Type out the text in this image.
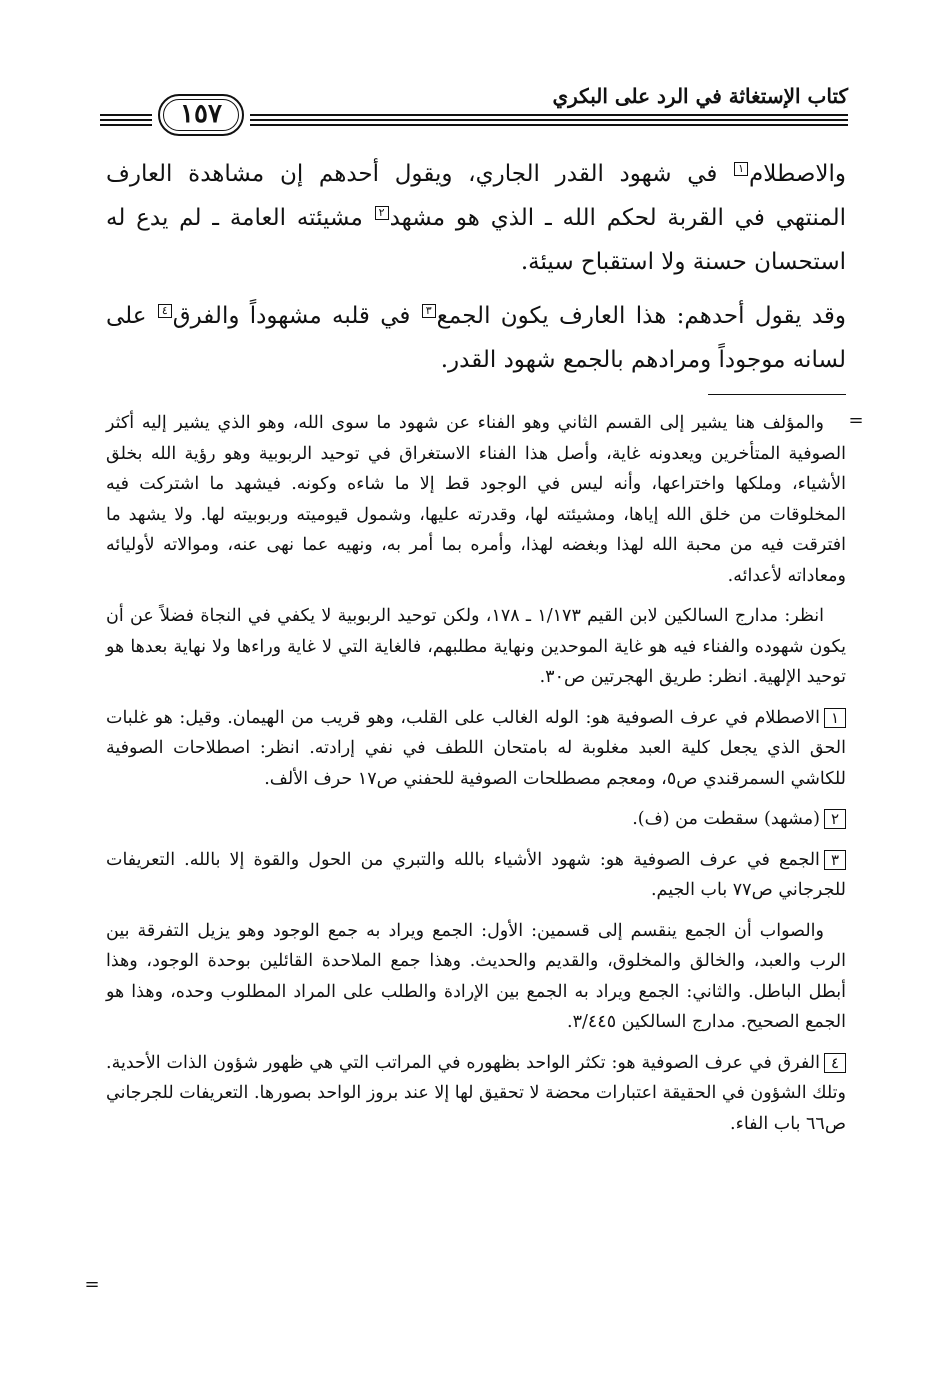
١٥٧
كتاب الإستغاثة في الرد على البكري

والاصطلام١ في شهود القدر الجاري، ويقول أحدهم إن مشاهدة العارف المنتهي في القربة لحكم الله ـ الذي هو مشهد٢ مشيئته العامة ـ لم يدع له استحسان حسنة ولا استقباح سيئة.

وقد يقول أحدهم: هذا العارف يكون الجمع٣ في قلبه مشهوداً والفرق٤ على لسانه موجوداً ومرادهم بالجمع شهود القدر.

=
=

والمؤلف هنا يشير إلى القسم الثاني وهو الفناء عن شهود ما سوى الله، وهو الذي يشير إليه أكثر الصوفية المتأخرين ويعدونه غاية، وأصل هذا الفناء الاستغراق في توحيد الربوبية وهو رؤية الله بخلق الأشياء، وملكها واختراعها، وأنه ليس في الوجود قط إلا ما شاءه وكونه. فيشهد ما اشتركت فيه المخلوقات من خلق الله إياها، ومشيئته لها، وقدرته عليها، وشمول قيوميته وربوبيته لها. ولا يشهد ما افترقت فيه من محبة الله لهذا وبغضه لهذا، وأمره بما أمر به، ونهيه عما نهى عنه، وموالاته لأوليائه ومعاداته لأعدائه.

انظر: مدارج السالكين لابن القيم ١/١٧٣ ـ ١٧٨، ولكن توحيد الربوبية لا يكفي في النجاة فضلاً عن أن يكون شهوده والفناء فيه هو غاية الموحدين ونهاية مطلبهم، فالغاية التي لا غاية وراءها ولا نهاية بعدها هو توحيد الإلهية. انظر: طريق الهجرتين ص٣٠.

١الاصطلام في عرف الصوفية هو: الوله الغالب على القلب، وهو قريب من الهيمان. وقيل: هو غلبات الحق الذي يجعل كلية العبد مغلوبة له بامتحان اللطف في نفي إرادته. انظر: اصطلاحات الصوفية للكاشي السمرقندي ص٥، ومعجم مصطلحات الصوفية للحفني ص١٧ حرف الألف.

٢(مشهد) سقطت من (ف).

٣الجمع في عرف الصوفية هو: شهود الأشياء بالله والتبري من الحول والقوة إلا بالله. التعريفات للجرجاني ص٧٧ باب الجيم.

والصواب أن الجمع ينقسم إلى قسمين: الأول: الجمع ويراد به جمع الوجود وهو يزيل التفرقة بين الرب والعبد، والخالق والمخلوق، والقديم والحديث. وهذا جمع الملاحدة القائلين بوحدة الوجود، وهذا أبطل الباطل. والثاني: الجمع ويراد به الجمع بين الإرادة والطلب على المراد المطلوب وحده، وهذا هو الجمع الصحيح. مدارج السالكين ٣/٤٤٥.

٤الفرق في عرف الصوفية هو: تكثر الواحد بظهوره في المراتب التي هي ظهور شؤون الذات الأحدية. وتلك الشؤون في الحقيقة اعتبارات محضة لا تحقيق لها إلا عند بروز الواحد بصورها. التعريفات للجرجاني ص٦٦ باب الفاء.
